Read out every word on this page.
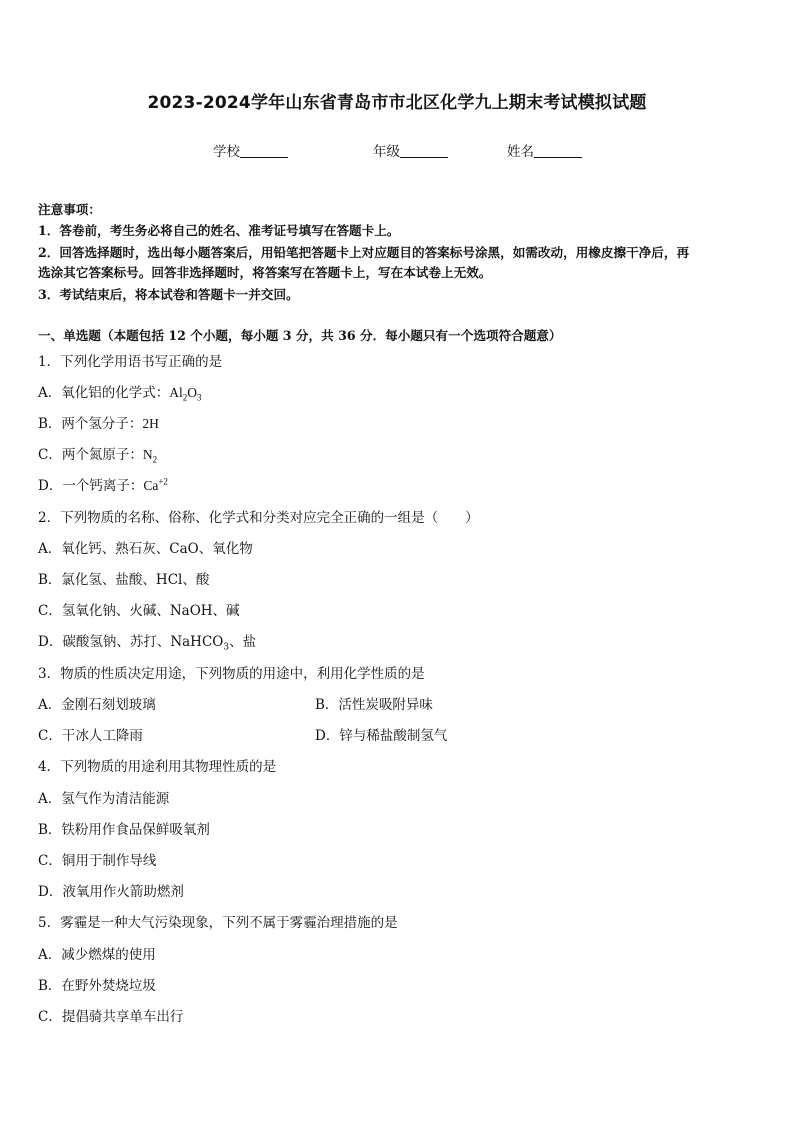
2023-2024学年山东省青岛市市北区化学九上期末考试模拟试题
学校	年级	姓名
注意事项：
1．答卷前，考生务必将自己的姓名、准考证号填写在答题卡上。
2．回答选择题时，选出每小题答案后，用铅笔把答题卡上对应题目的答案标号涂黑，如需改动，用橡皮擦干净后，再
选涂其它答案标号。回答非选择题时，将答案写在答题卡上，写在本试卷上无效。
3．考试结束后，将本试卷和答题卡一并交回。
一、单选题（本题包括 12 个小题，每小题 3 分，共 36 分．每小题只有一个选项符合题意）
1．下列化学用语书写正确的是
A．氧化铝的化学式：$Al_2O_3$
B．两个氢分子：2H
C．两个氮原子：$N_2$
D．一个钙离子：$Ca^{+2}$
2．下列物质的名称、俗称、化学式和分类对应完全正确的一组是（　　）
A．氧化钙、熟石灰、CaO、氧化物
B．氯化氢、盐酸、HCl、酸
C．氢氧化钠、火碱、NaOH、碱
D．碳酸氢钠、苏打、NaHCO$_3$、盐
3．物质的性质决定用途，下列物质的用途中，利用化学性质的是
A．金刚石刻划玻璃	B．活性炭吸附异味
C．干冰人工降雨	D．锌与稀盐酸制氢气
4．下列物质的用途利用其物理性质的是
A．氢气作为清洁能源
B．铁粉用作食品保鲜吸氧剂
C．铜用于制作导线
D．液氧用作火箭助燃剂
5．雾霾是一种大气污染现象，下列不属于雾霾治理措施的是
A．减少燃煤的使用
B．在野外焚烧垃圾
C．提倡骑共享单车出行
